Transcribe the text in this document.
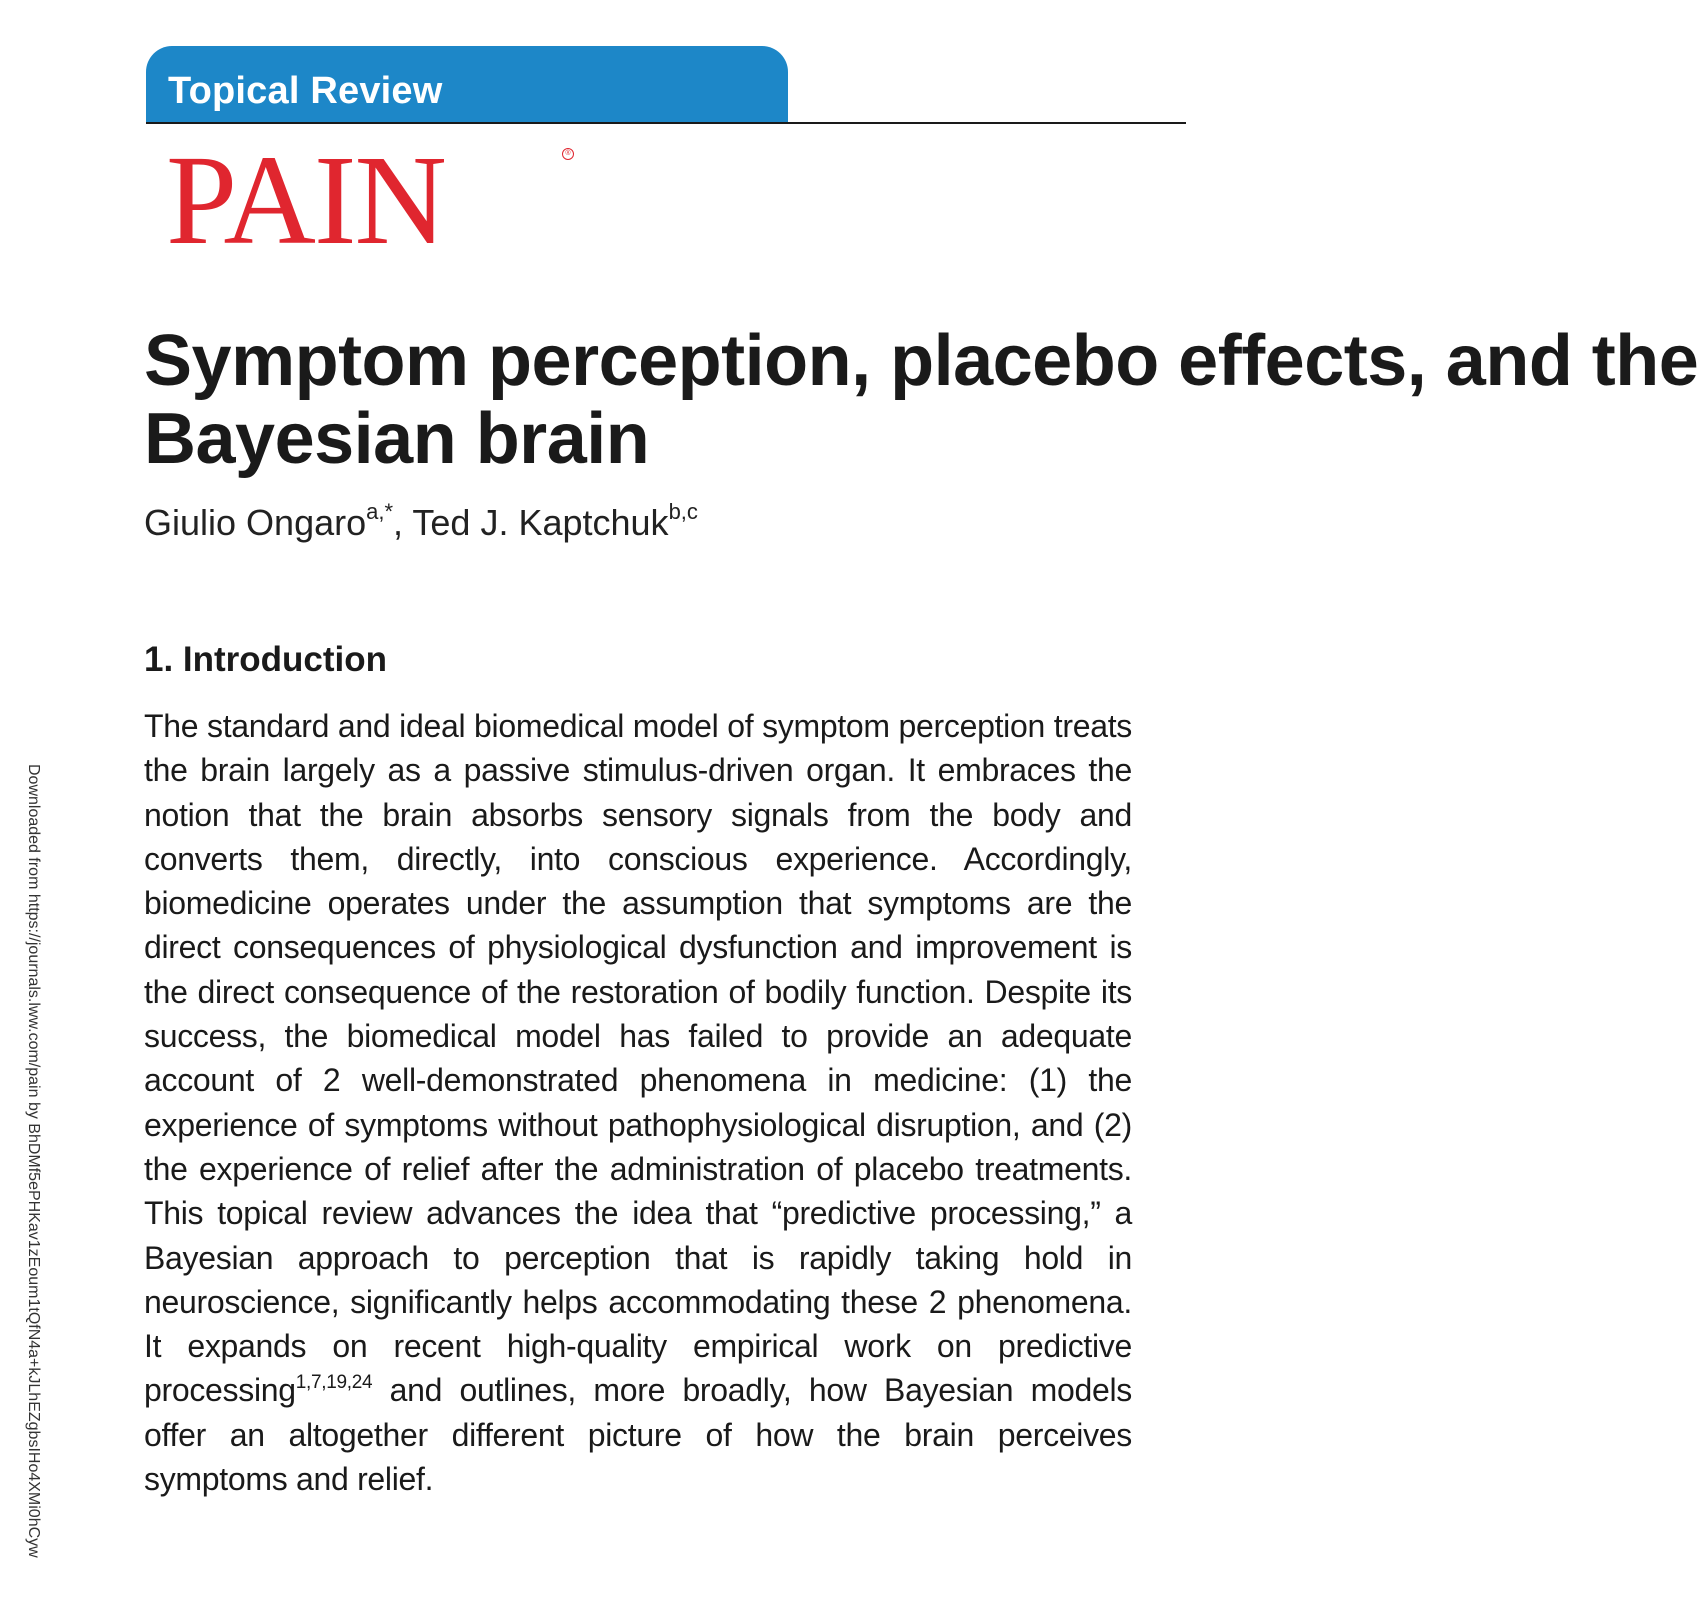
Topical Review
PAIN	®
Symptom perception, placebo effects, and the
Bayesian brain
Giulio Ongaro$^{a,*}$, Ted J. Kaptchuk$^{b,c}$
1. Introduction

The standard and ideal biomedical model of symptom perception treats the brain largely as a passive stimulus-driven organ. It embraces the notion that the brain absorbs sensory signals from the body and converts them, directly, into conscious experience. Accordingly, biomedicine operates under the assumption that symptoms are the direct consequences of physiological dysfunction and improvement is the direct consequence of the restoration of bodily function. Despite its success, the biomedical model has failed to provide an adequate account of 2 well-demonstrated phenomena in medicine: (1) the experience of symptoms without pathophysiological disruption, and (2) the experience of relief after the administration of placebo treatments. This topical review advances the idea that “predictive processing,” a Bayesian approach to perception that is rapidly taking hold in neuroscience, significantly helps accommodating these 2 phenomena. It expands on recent high-quality empirical work on predictive processing$^{1,7,19,24}$ and outlines, more broadly, how Bayesian models offer an altogether different picture of how the brain perceives symptoms and relief.

Downloaded from https://journals.lww.com/pain by BhDMf5ePHKav1zEoum1tQfN4a+kJLhEZgbsIHo4XMi0hCyw
